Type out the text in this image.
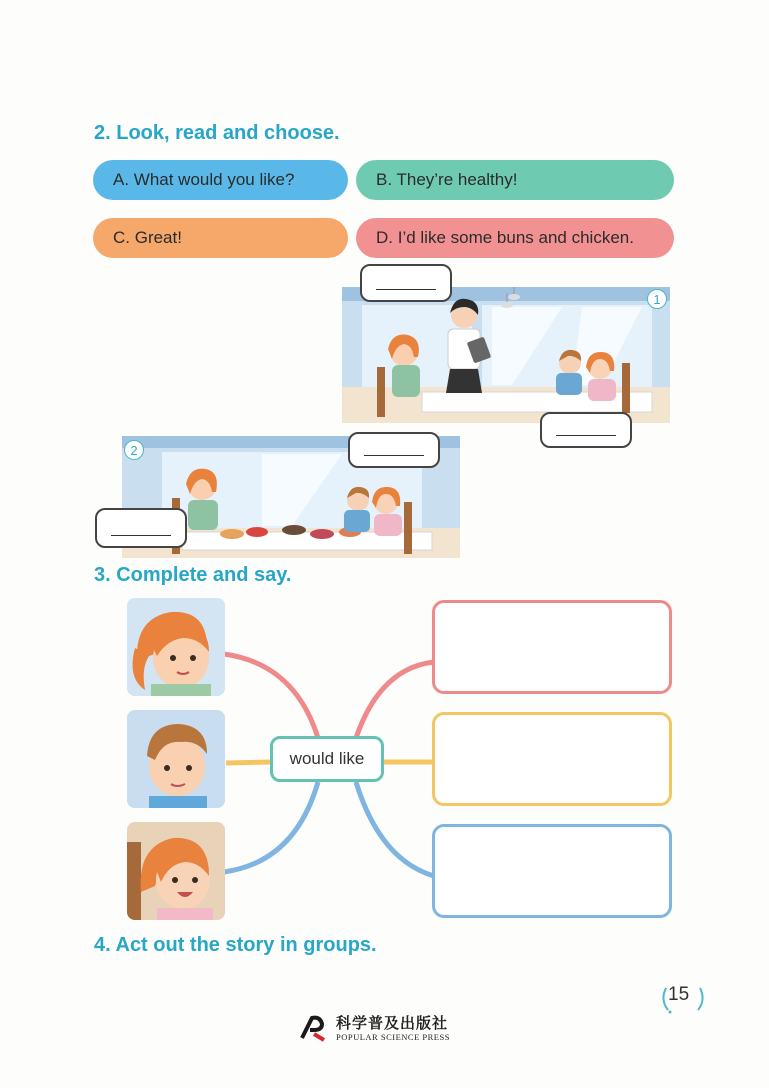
2. Look, read and choose.
A. What would you like?	B. They’re healthy!
C. Great!	D. I’d like some buns and chicken.
1
2
3. Complete and say.
would like
4. Act out the story in groups.
15
科学普及出版社
POPULAR SCIENCE PRESS
